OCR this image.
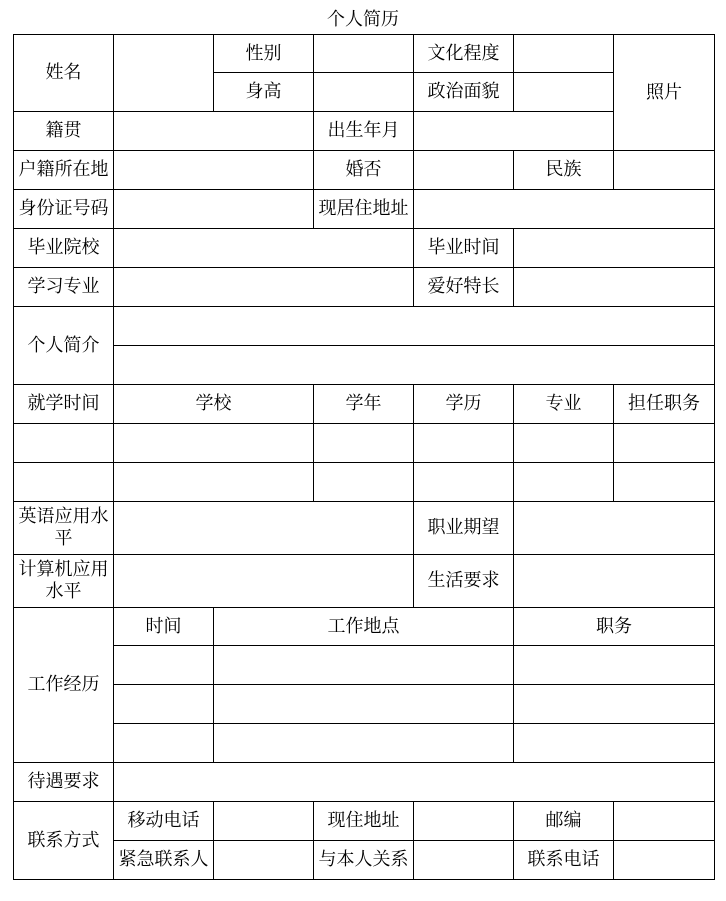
个人简历
姓名		性别		文化程度		照片
		身高		政治面貌		
籍贯			出生年月			
户籍所在地			婚否		民族	
身份证号码			现居住地址			
毕业院校				毕业时间		
学习专业				爱好特长		
个人简介						

就学时间	学校		学年	学历	专业	担任职务

英语应用水平				职业期望		
计算机应用水平				生活要求		
工作经历	时间	工作地点			职务	

待遇要求						
联系方式	移动电话		现住地址		邮编	
	紧急联系人		与本人关系		联系电话	
